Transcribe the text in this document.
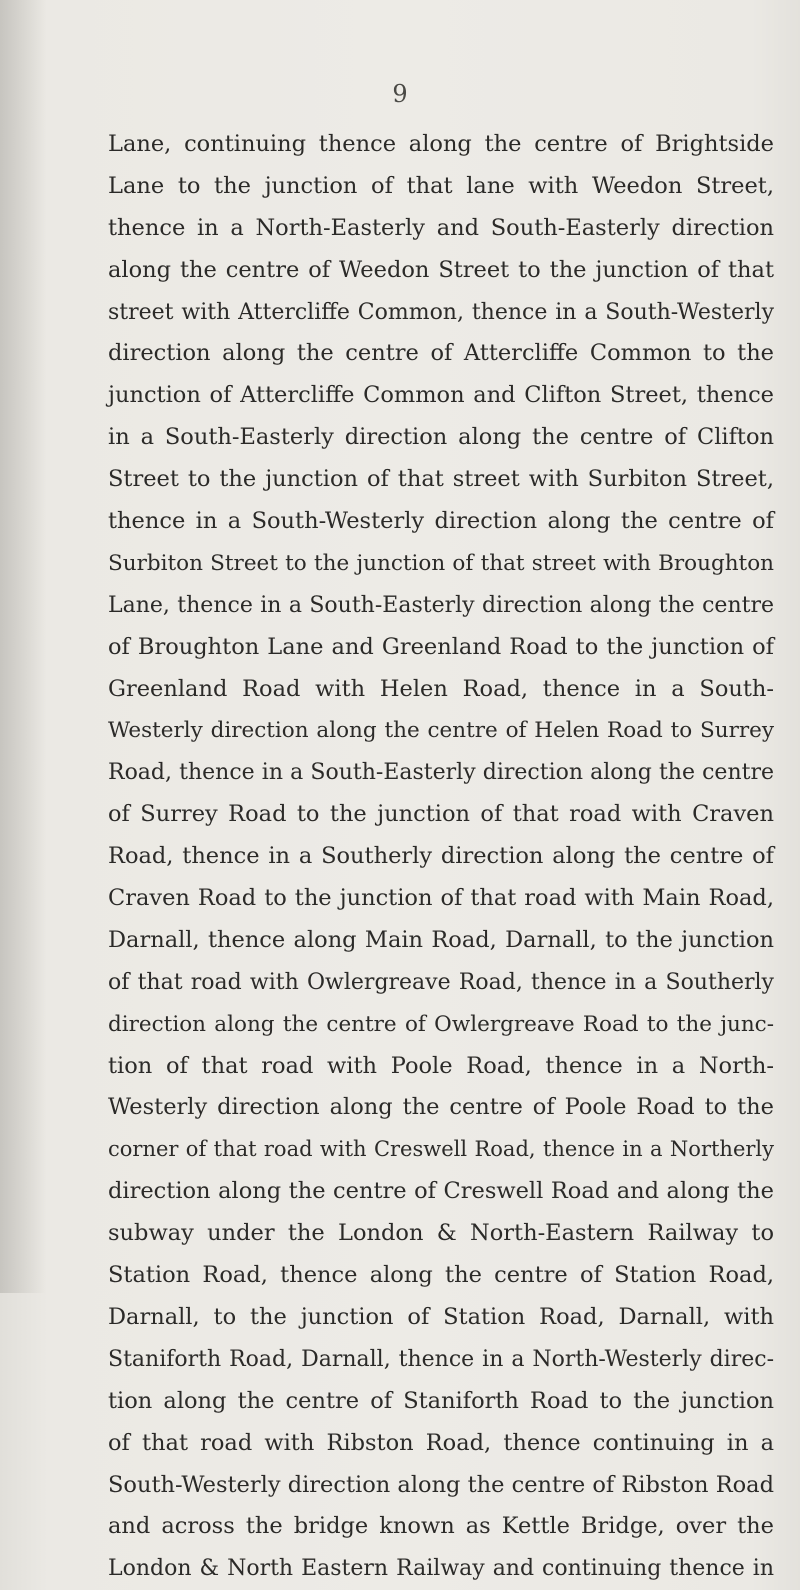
9
Lane, continuing thence along the centre of Brightside
Lane to the junction of that lane with Weedon Street,
thence in a North-Easterly and South-Easterly direction
along the centre of Weedon Street to the junction of that
street with Attercliffe Common, thence in a South-Westerly
direction along the centre of Attercliffe Common to the
junction of Attercliffe Common and Clifton Street, thence
in a South-Easterly direction along the centre of Clifton
Street to the junction of that street with Surbiton Street,
thence in a South-Westerly direction along the centre of
Surbiton Street to the junction of that street with Broughton
Lane, thence in a South-Easterly direction along the centre
of Broughton Lane and Greenland Road to the junction of
Greenland Road with Helen Road, thence in a South-
Westerly direction along the centre of Helen Road to Surrey
Road, thence in a South-Easterly direction along the centre
of Surrey Road to the junction of that road with Craven
Road, thence in a Southerly direction along the centre of
Craven Road to the junction of that road with Main Road,
Darnall, thence along Main Road, Darnall, to the junction
of that road with Owlergreave Road, thence in a Southerly
direction along the centre of Owlergreave Road to the junc-
tion of that road with Poole Road, thence in a North-
Westerly direction along the centre of Poole Road to the
corner of that road with Creswell Road, thence in a Northerly
direction along the centre of Creswell Road and along the
subway under the London & North-Eastern Railway to
Station Road, thence along the centre of Station Road,
Darnall, to the junction of Station Road, Darnall, with
Staniforth Road, Darnall, thence in a North-Westerly direc-
tion along the centre of Staniforth Road to the junction
of that road with Ribston Road, thence continuing in a
South-Westerly direction along the centre of Ribston Road
and across the bridge known as Kettle Bridge, over the
London & North Eastern Railway and continuing thence in
